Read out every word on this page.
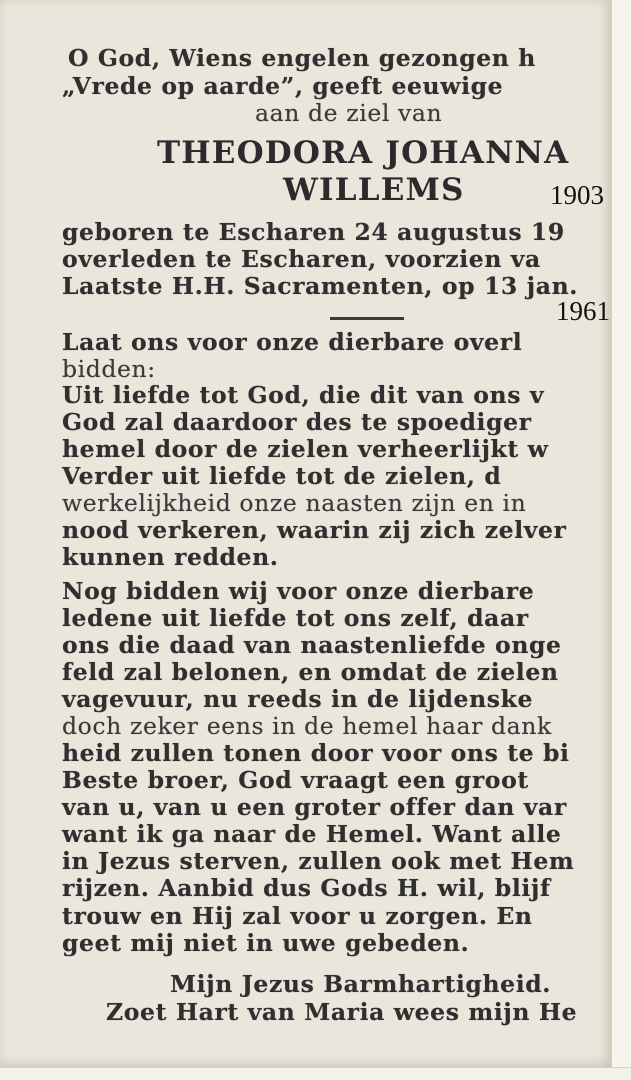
O God, Wiens engelen gezongen h
„Vrede op aarde”, geeft eeuwige
aan de ziel van
THEODORA JOHANNA
WILLEMS	1903
geboren te Escharen 24 augustus 19
overleden te Escharen, voorzien va
Laatste H.H. Sacramenten, op 13 jan.
1961
Laat ons voor onze dierbare overl
bidden:
Uit liefde tot God, die dit van ons v
God zal daardoor des te spoediger
hemel door de zielen verheerlijkt w
Verder uit liefde tot de zielen, d
werkelijkheid onze naasten zijn en in
nood verkeren, waarin zij zich zelver
kunnen redden.
Nog bidden wij voor onze dierbare
ledene uit liefde tot ons zelf, daar
ons die daad van naastenliefde onge
feld zal belonen, en omdat de zielen
vagevuur, nu reeds in de lijdenske
doch zeker eens in de hemel haar dank
heid zullen tonen door voor ons te bi
Beste broer, God vraagt een groot
van u, van u een groter offer dan var
want ik ga naar de Hemel. Want alle
in Jezus sterven, zullen ook met Hem
rijzen. Aanbid dus Gods H. wil, blijf
trouw en Hij zal voor u zorgen. En
geet mij niet in uwe gebeden.
Mijn Jezus Barmhartigheid.
Zoet Hart van Maria wees mijn He
